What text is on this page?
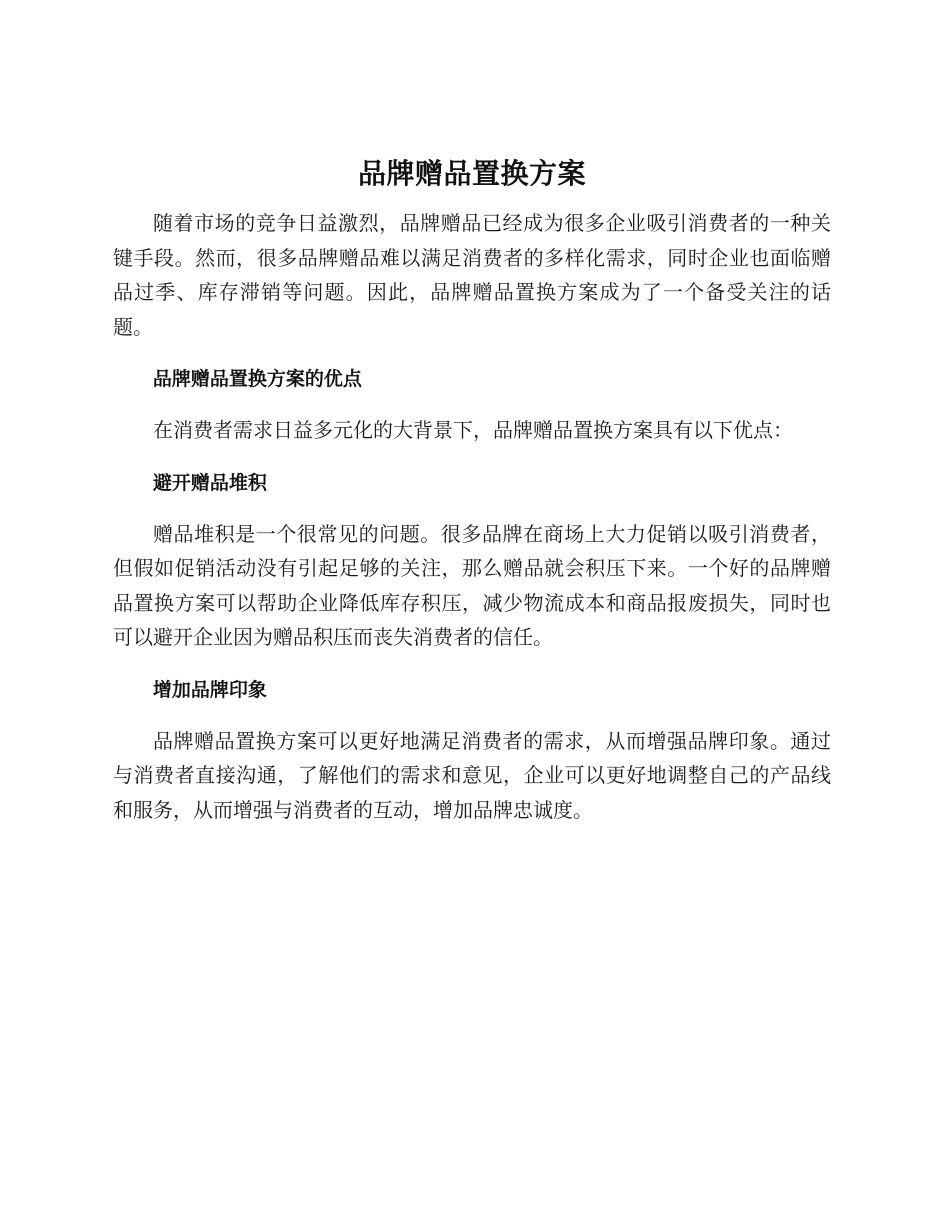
品牌赠品置换方案

随着市场的竞争日益激烈，品牌赠品已经成为很多企业吸引消费者的一种关键手段。然而，很多品牌赠品难以满足消费者的多样化需求，同时企业也面临赠品过季、库存滞销等问题。因此，品牌赠品置换方案成为了一个备受关注的话题。

品牌赠品置换方案的优点

在消费者需求日益多元化的大背景下，品牌赠品置换方案具有以下优点：

避开赠品堆积

赠品堆积是一个很常见的问题。很多品牌在商场上大力促销以吸引消费者，但假如促销活动没有引起足够的关注，那么赠品就会积压下来。一个好的品牌赠品置换方案可以帮助企业降低库存积压，减少物流成本和商品报废损失，同时也可以避开企业因为赠品积压而丧失消费者的信任。

增加品牌印象

品牌赠品置换方案可以更好地满足消费者的需求，从而增强品牌印象。通过与消费者直接沟通，了解他们的需求和意见，企业可以更好地调整自己的产品线和服务，从而增强与消费者的互动，增加品牌忠诚度。
